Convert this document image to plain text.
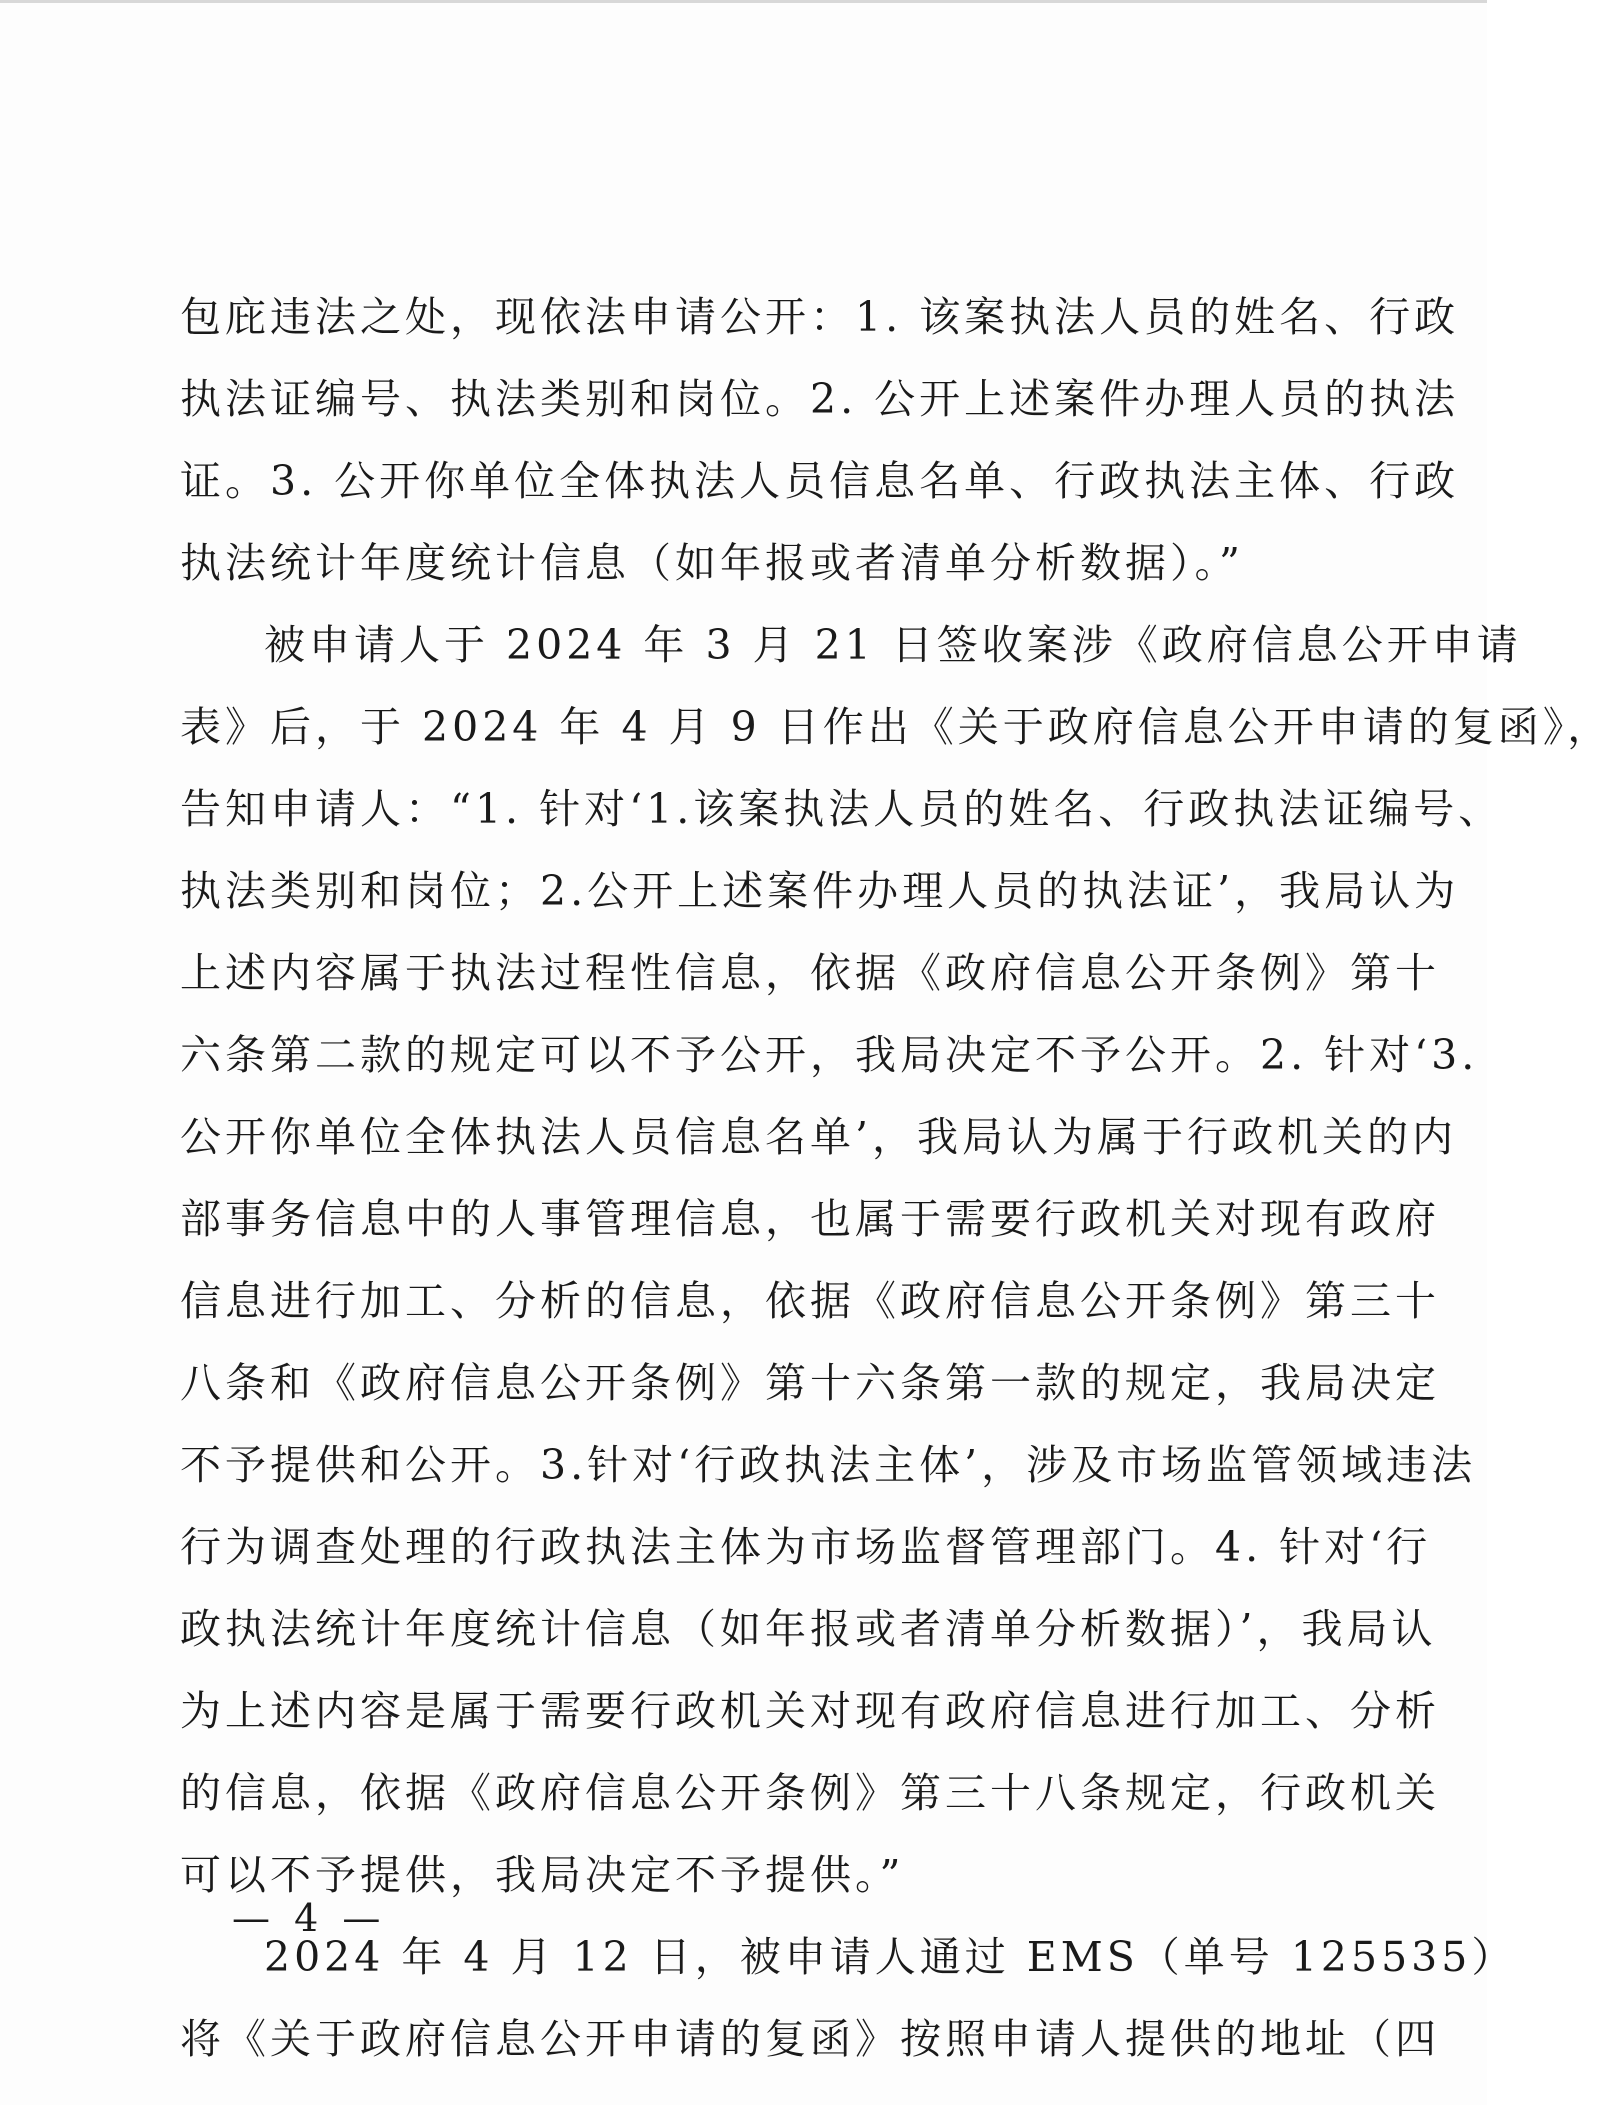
包庇违法之处，现依法申请公开：1. 该案执法人员的姓名、行政
执法证编号、执法类别和岗位。2. 公开上述案件办理人员的执法
证。3. 公开你单位全体执法人员信息名单、行政执法主体、行政
执法统计年度统计信息（如年报或者清单分析数据）。”
被申请人于 2024 年 3 月 21 日签收案涉《政府信息公开申请
表》后，于 2024 年 4 月 9 日作出《关于政府信息公开申请的复函》，
告知申请人：“1. 针对‘1.该案执法人员的姓名、行政执法证编号、
执法类别和岗位；2.公开上述案件办理人员的执法证’，我局认为
上述内容属于执法过程性信息，依据《政府信息公开条例》第十
六条第二款的规定可以不予公开，我局决定不予公开。2. 针对‘3.
公开你单位全体执法人员信息名单’，我局认为属于行政机关的内
部事务信息中的人事管理信息，也属于需要行政机关对现有政府
信息进行加工、分析的信息，依据《政府信息公开条例》第三十
八条和《政府信息公开条例》第十六条第一款的规定，我局决定
不予提供和公开。3.针对‘行政执法主体’，涉及市场监管领域违法
行为调查处理的行政执法主体为市场监督管理部门。4. 针对‘行
政执法统计年度统计信息（如年报或者清单分析数据）’，我局认
为上述内容是属于需要行政机关对现有政府信息进行加工、分析
的信息，依据《政府信息公开条例》第三十八条规定，行政机关
可以不予提供，我局决定不予提供。”
2024 年 4 月 12 日，被申请人通过 EMS（单号 125 535）
将《关于政府信息公开申请的复函》按照申请人提供的地址（四
— 4 —
